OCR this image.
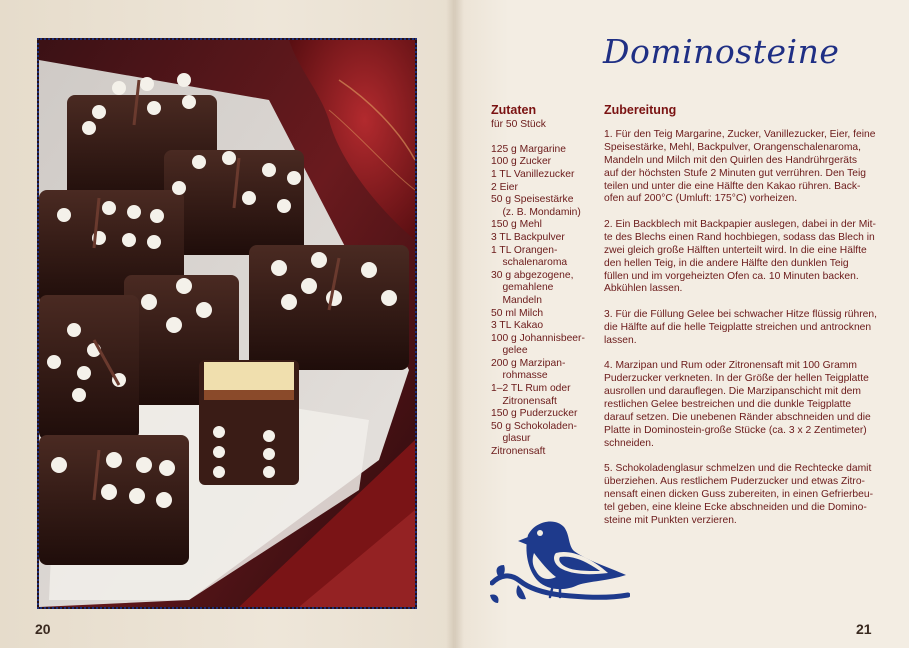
20	21
Dominosteine
Zutaten
für 50 Stück
125 g Margarine
100 g Zucker
1 TL Vanillezucker
2 Eier
50 g Speisestärke
(z. B. Mondamin)
150 g Mehl
3 TL Backpulver
1 TL Orangen-
schalenaroma
30 g abgezogene,
gemahlene
Mandeln
50 ml Milch
3 TL Kakao
100 g Johannisbeer-
gelee
200 g Marzipan-
rohmasse
1–2 TL Rum oder
Zitronensaft
150 g Puderzucker
50 g Schokoladen-
glasur
Zitronensaft
Zubereitung

1. Für den Teig Margarine, Zucker, Vanillezucker, Eier, feine
Speisestärke, Mehl, Backpulver, Orangenschalenaroma,
Mandeln und Milch mit den Quirlen des Handrührgeräts
auf der höchsten Stufe 2 Minuten gut verrühren. Den Teig
teilen und unter die eine Hälfte den Kakao rühren. Back-
ofen auf 200°C (Umluft: 175°C) vorheizen.

2. Ein Backblech mit Backpapier auslegen, dabei in der Mit-
te des Blechs einen Rand hochbiegen, sodass das Blech in
zwei gleich große Hälften unterteilt wird. In die eine Hälfte
den hellen Teig, in die andere Hälfte den dunklen Teig
füllen und im vorgeheizten Ofen ca. 10 Minuten backen.
Abkühlen lassen.

3. Für die Füllung Gelee bei schwacher Hitze flüssig rühren,
die Hälfte auf die helle Teigplatte streichen und antrocknen
lassen.

4. Marzipan und Rum oder Zitronensaft mit 100 Gramm
Puderzucker verkneten. In der Größe der hellen Teigplatte
ausrollen und darauflegen. Die Marzipanschicht mit dem
restlichen Gelee bestreichen und die dunkle Teigplatte
darauf setzen. Die unebenen Ränder abschneiden und die
Platte in Dominostein-große Stücke (ca. 3 x 2 Zentimeter)
schneiden.

5. Schokoladenglasur schmelzen und die Rechtecke damit
überziehen. Aus restlichem Puderzucker und etwas Zitro-
nensaft einen dicken Guss zubereiten, in einen Gefrierbeu-
tel geben, eine kleine Ecke abschneiden und die Domino-
steine mit Punkten verzieren.
